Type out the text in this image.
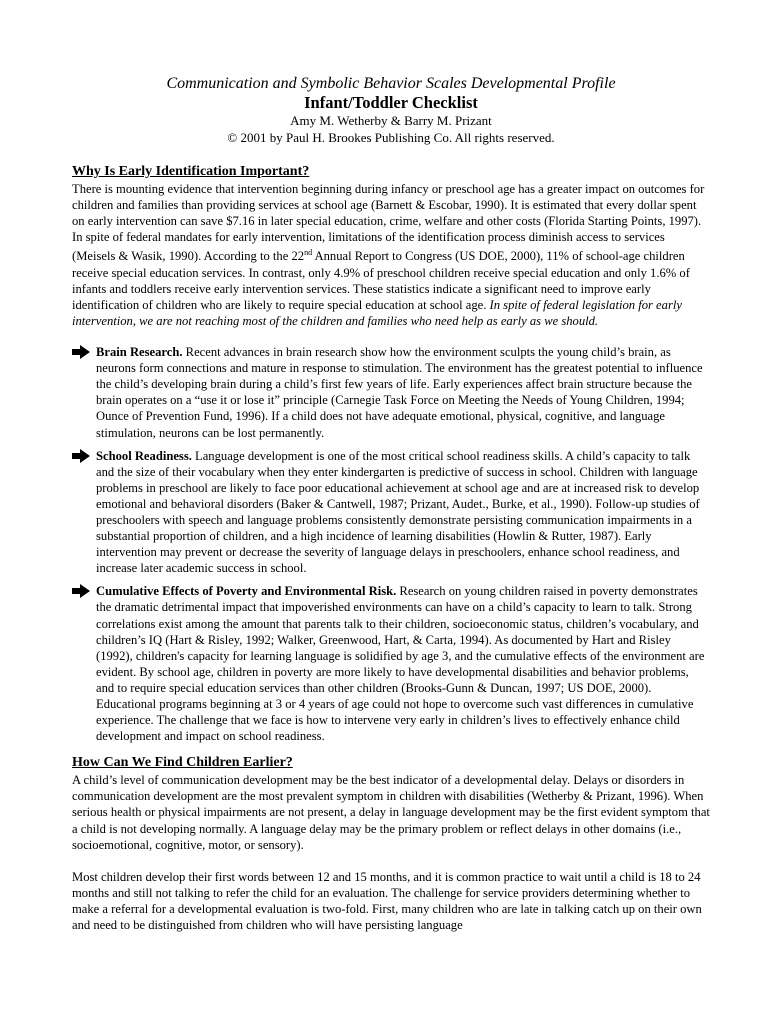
Communication and Symbolic Behavior Scales Developmental Profile
Infant/Toddler Checklist
Amy M. Wetherby & Barry M. Prizant
© 2001 by Paul H. Brookes Publishing Co. All rights reserved.
Why Is Early Identification Important?

There is mounting evidence that intervention beginning during infancy or preschool age has a greater impact on outcomes for children and families than providing services at school age (Barnett & Escobar, 1990). It is estimated that every dollar spent on early intervention can save $7.16 in later special education, crime, welfare and other costs (Florida Starting Points, 1997). In spite of federal mandates for early intervention, limitations of the identification process diminish access to services (Meisels & Wasik, 1990). According to the 22nd Annual Report to Congress (US DOE, 2000), 11% of school-age children receive special education services. In contrast, only 4.9% of preschool children receive special education and only 1.6% of infants and toddlers receive early intervention services. These statistics indicate a significant need to improve early identification of children who are likely to require special education at school age. In spite of federal legislation for early intervention, we are not reaching most of the children and families who need help as early as we should.

Brain Research. Recent advances in brain research show how the environment sculpts the young child’s brain, as neurons form connections and mature in response to stimulation. The environment has the greatest potential to influence the child’s developing brain during a child’s first few years of life. Early experiences affect brain structure because the brain operates on a “use it or lose it” principle (Carnegie Task Force on Meeting the Needs of Young Children, 1994; Ounce of Prevention Fund, 1996). If a child does not have adequate emotional, physical, cognitive, and language stimulation, neurons can be lost permanently.

School Readiness. Language development is one of the most critical school readiness skills. A child’s capacity to talk and the size of their vocabulary when they enter kindergarten is predictive of success in school. Children with language problems in preschool are likely to face poor educational achievement at school age and are at increased risk to develop emotional and behavioral disorders (Baker & Cantwell, 1987; Prizant, Audet., Burke, et al., 1990). Follow-up studies of preschoolers with speech and language problems consistently demonstrate persisting communication impairments in a substantial proportion of children, and a high incidence of learning disabilities (Howlin & Rutter, 1987). Early intervention may prevent or decrease the severity of language delays in preschoolers, enhance school readiness, and increase later academic success in school.

Cumulative Effects of Poverty and Environmental Risk. Research on young children raised in poverty demonstrates the dramatic detrimental impact that impoverished environments can have on a child’s capacity to learn to talk. Strong correlations exist among the amount that parents talk to their children, socioeconomic status, children’s vocabulary, and children’s IQ (Hart & Risley, 1992; Walker, Greenwood, Hart, & Carta, 1994). As documented by Hart and Risley (1992), children's capacity for learning language is solidified by age 3, and the cumulative effects of the environment are evident. By school age, children in poverty are more likely to have developmental disabilities and behavior problems, and to require special education services than other children (Brooks-Gunn & Duncan, 1997; US DOE, 2000). Educational programs beginning at 3 or 4 years of age could not hope to overcome such vast differences in cumulative experience. The challenge that we face is how to intervene very early in children’s lives to effectively enhance child development and impact on school readiness.

How Can We Find Children Earlier?

A child’s level of communication development may be the best indicator of a developmental delay. Delays or disorders in communication development are the most prevalent symptom in children with disabilities (Wetherby & Prizant, 1996). When serious health or physical impairments are not present, a delay in language development may be the first evident symptom that a child is not developing normally. A language delay may be the primary problem or reflect delays in other domains (i.e., socioemotional, cognitive, motor, or sensory).

Most children develop their first words between 12 and 15 months, and it is common practice to wait until a child is 18 to 24 months and still not talking to refer the child for an evaluation. The challenge for service providers determining whether to make a referral for a developmental evaluation is two-fold. First, many children who are late in talking catch up on their own and need to be distinguished from children who will have persisting language
